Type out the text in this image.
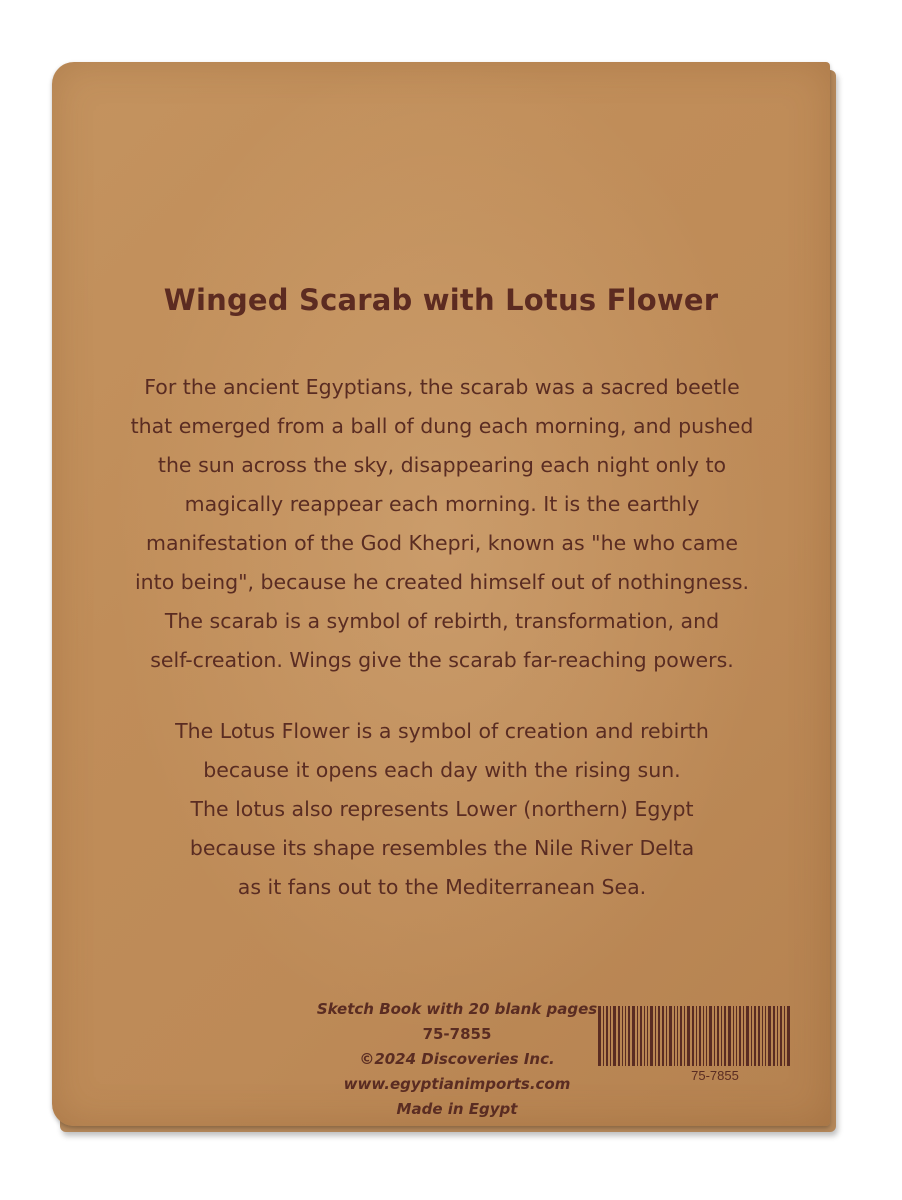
Winged Scarab with Lotus Flower

For the ancient Egyptians, the scarab was a sacred beetle
that emerged from a ball of dung each morning, and pushed
the sun across the sky, disappearing each night only to
magically reappear each morning. It is the earthly
manifestation of the God Khepri, known as "he who came
into being", because he created himself out of nothingness.
The scarab is a symbol of rebirth, transformation, and
self-creation. Wings give the scarab far-reaching powers.

The Lotus Flower is a symbol of creation and rebirth
because it opens each day with the rising sun.
The lotus also represents Lower (northern) Egypt
because its shape resembles the Nile River Delta
as it fans out to the Mediterranean Sea.

Sketch Book with 20 blank pages
75-7855
©2024 Discoveries Inc.
www.egyptianimports.com
Made in Egypt
75-7855
